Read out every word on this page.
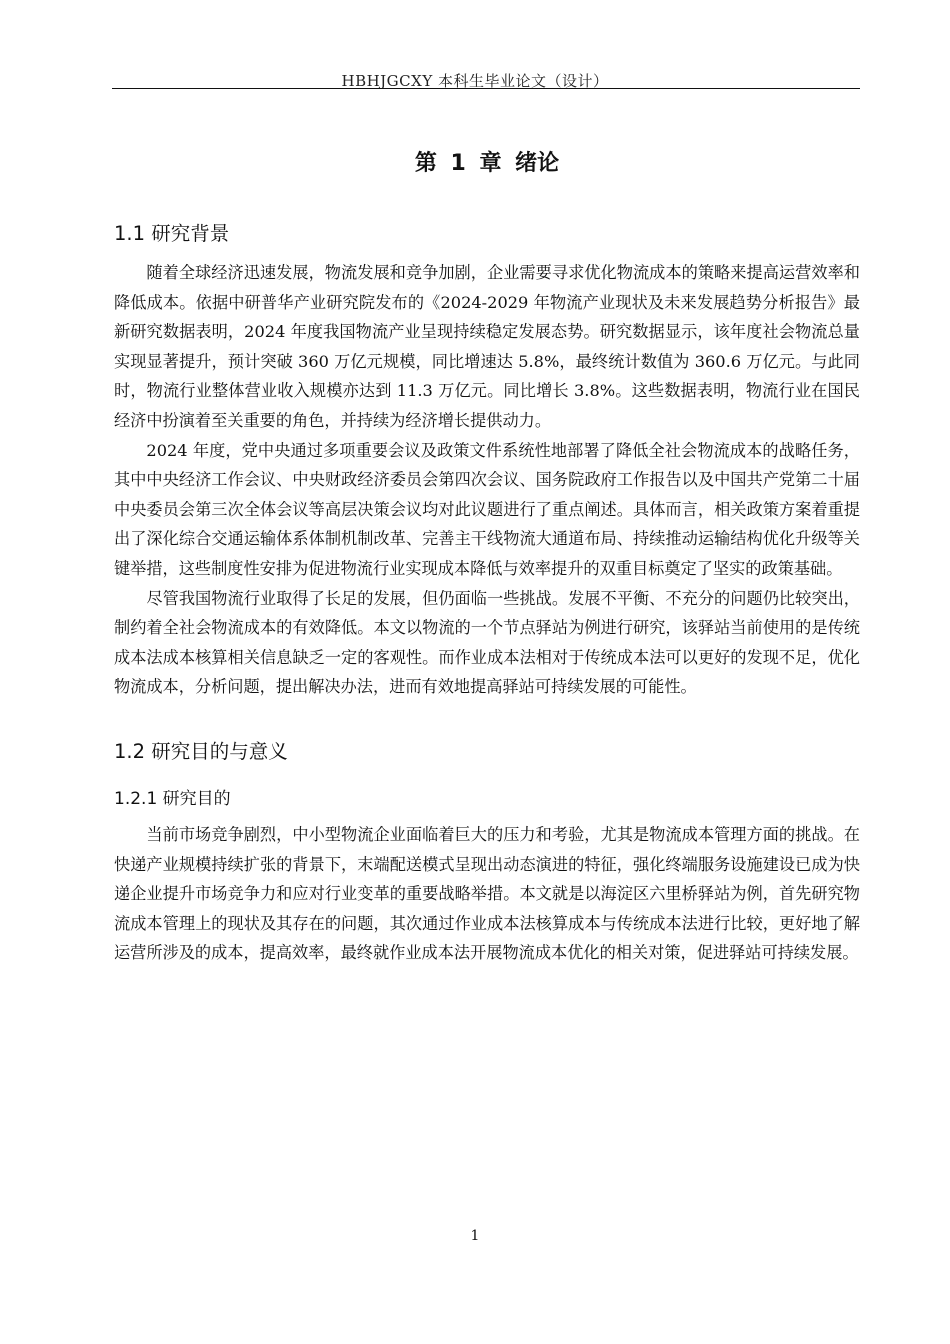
HBHJGCXY 本科生毕业论文（设计）
第 1 章 绪论
1.1 研究背景

随着全球经济迅速发展，物流发展和竞争加剧，企业需要寻求优化物流成本的策略来提高运营效率和降低成本。依据中研普华产业研究院发布的《2024-2029 年物流产业现状及未来发展趋势分析报告》最新研究数据表明，2024 年度我国物流产业呈现持续稳定发展态势。研究数据显示，该年度社会物流总量实现显著提升，预计突破 360 万亿元规模，同比增速达 5.8%，最终统计数值为 360.6 万亿元。与此同时，物流行业整体营业收入规模亦达到 11.3 万亿元。同比增长 3.8%。这些数据表明，物流行业在国民经济中扮演着至关重要的角色，并持续为经济增长提供动力。

2024 年度，党中央通过多项重要会议及政策文件系统性地部署了降低全社会物流成本的战略任务，其中中央经济工作会议、中央财政经济委员会第四次会议、国务院政府工作报告以及中国共产党第二十届中央委员会第三次全体会议等高层决策会议均对此议题进行了重点阐述。具体而言，相关政策方案着重提出了深化综合交通运输体系体制机制改革、完善主干线物流大通道布局、持续推动运输结构优化升级等关键举措，这些制度性安排为促进物流行业实现成本降低与效率提升的双重目标奠定了坚实的政策基础。

尽管我国物流行业取得了长足的发展，但仍面临一些挑战。发展不平衡、不充分的问题仍比较突出，制约着全社会物流成本的有效降低。本文以物流的一个节点驿站为例进行研究，该驿站当前使用的是传统成本法成本核算相关信息缺乏一定的客观性。而作业成本法相对于传统成本法可以更好的发现不足，优化物流成本，分析问题，提出解决办法，进而有效地提高驿站可持续发展的可能性。

1.2 研究目的与意义
1.2.1 研究目的

当前市场竞争剧烈，中小型物流企业面临着巨大的压力和考验，尤其是物流成本管理方面的挑战。在快递产业规模持续扩张的背景下，末端配送模式呈现出动态演进的特征，强化终端服务设施建设已成为快递企业提升市场竞争力和应对行业变革的重要战略举措。本文就是以海淀区六里桥驿站为例，首先研究物流成本管理上的现状及其存在的问题，其次通过作业成本法核算成本与传统成本法进行比较，更好地了解运营所涉及的成本，提高效率，最终就作业成本法开展物流成本优化的相关对策，促进驿站可持续发展。

1
